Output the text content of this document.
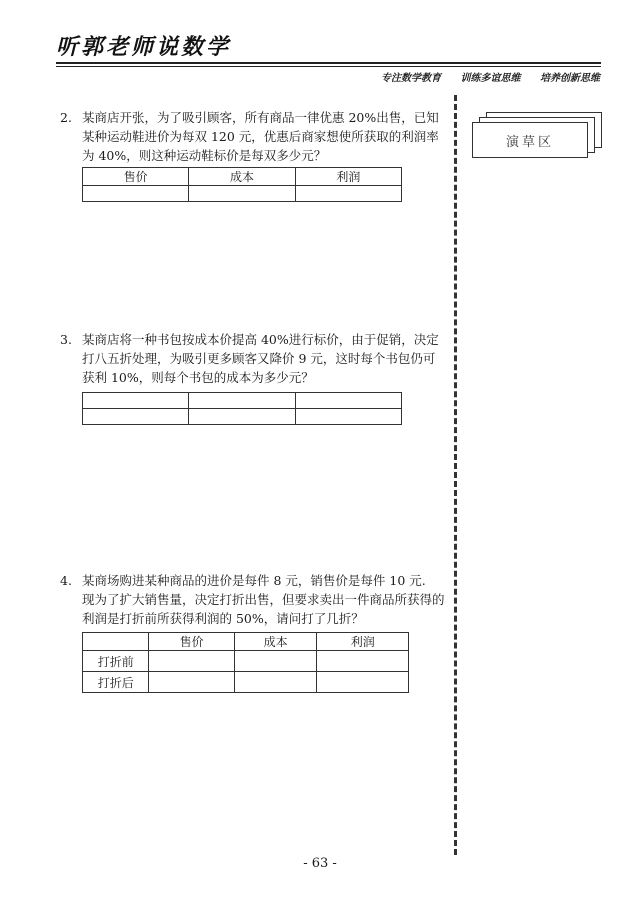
听郭老师说数学
专注数学教育 训练多谊思维 培养创新思维
演草区
2. 某商店开张，为了吸引顾客，所有商品一律优惠 20%出售，已知
某种运动鞋进价为每双 120 元，优惠后商家想使所获取的利润率
为 40%，则这种运动鞋标价是每双多少元？
售价	成本	利润

3. 某商店将一种书包按成本价提高 40%进行标价，由于促销，决定
打八五折处理，为吸引更多顾客又降价 9 元，这时每个书包仍可
获利 10%，则每个书包的成本为多少元？

4. 某商场购进某种商品的进价是每件 8 元，销售价是每件 10 元.
现为了扩大销售量，决定打折出售，但要求卖出一件商品所获得的
利润是打折前所获得利润的 50%，请问打了几折？
	售价	成本	利润
打折前			
打折后			
- 63 -
